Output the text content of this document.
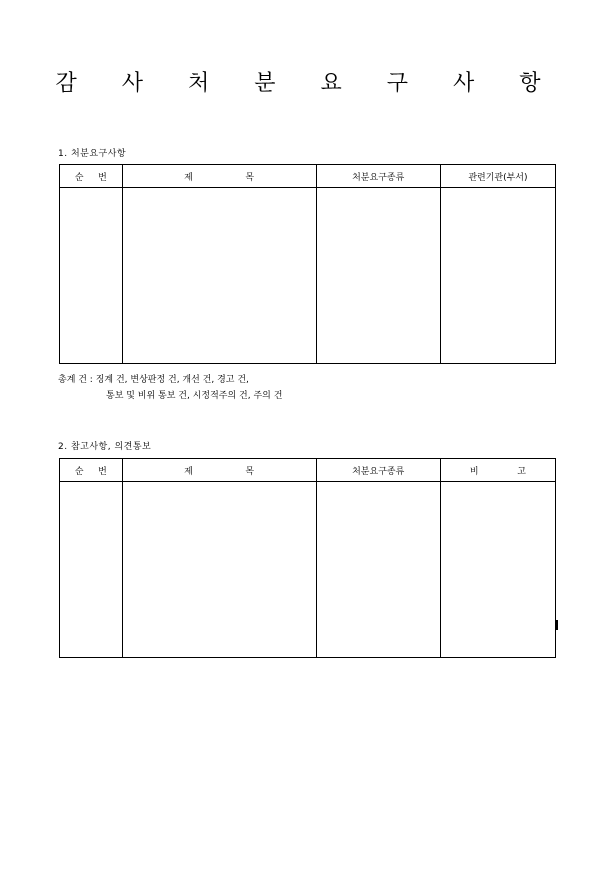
감 사 처 분 요 구 사 항
1. 처분요구사항
순 번	제 목	처분요구종류	관련기관(부서)

총계 건 : 징계 건, 변상판정 건, 개선 건, 경고 건,
통보 및 비위 통보 건, 시정적주의 건, 주의 건
2. 참고사항, 의견통보
순 번	제 목	처분요구종류	비 고
